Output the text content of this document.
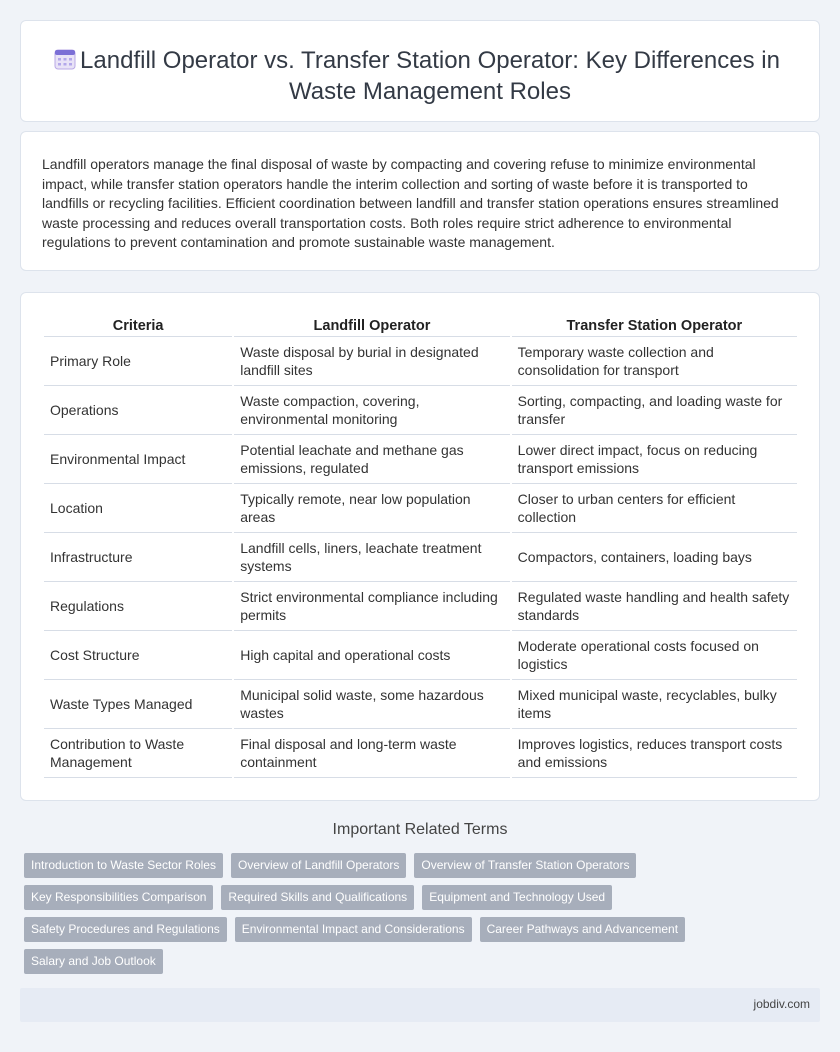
Landfill Operator vs. Transfer Station Operator: Key Differences in Waste Management Roles

Landfill operators manage the final disposal of waste by compacting and covering refuse to minimize environmental impact, while transfer station operators handle the interim collection and sorting of waste before it is transported to landfills or recycling facilities. Efficient coordination between landfill and transfer station operations ensures streamlined waste processing and reduces overall transportation costs. Both roles require strict adherence to environmental regulations to prevent contamination and promote sustainable waste management.

Criteria	Landfill Operator	Transfer Station Operator
Primary Role	Waste disposal by burial in designated landfill sites	Temporary waste collection and consolidation for transport
Operations	Waste compaction, covering, environmental monitoring	Sorting, compacting, and loading waste for transfer
Environmental Impact	Potential leachate and methane gas emissions, regulated	Lower direct impact, focus on reducing transport emissions
Location	Typically remote, near low population areas	Closer to urban centers for efficient collection
Infrastructure	Landfill cells, liners, leachate treatment systems	Compactors, containers, loading bays
Regulations	Strict environmental compliance including permits	Regulated waste handling and health safety standards
Cost Structure	High capital and operational costs	Moderate operational costs focused on logistics
Waste Types Managed	Municipal solid waste, some hazardous wastes	Mixed municipal waste, recyclables, bulky items
Contribution to Waste Management	Final disposal and long-term waste containment	Improves logistics, reduces transport costs and emissions
Important Related Terms
Introduction to Waste Sector Roles	Overview of Landfill Operators	Overview of Transfer Station Operators
Key Responsibilities Comparison	Required Skills and Qualifications	Equipment and Technology Used
Safety Procedures and Regulations	Environmental Impact and Considerations	Career Pathways and Advancement
Salary and Job Outlook
jobdiv.com
